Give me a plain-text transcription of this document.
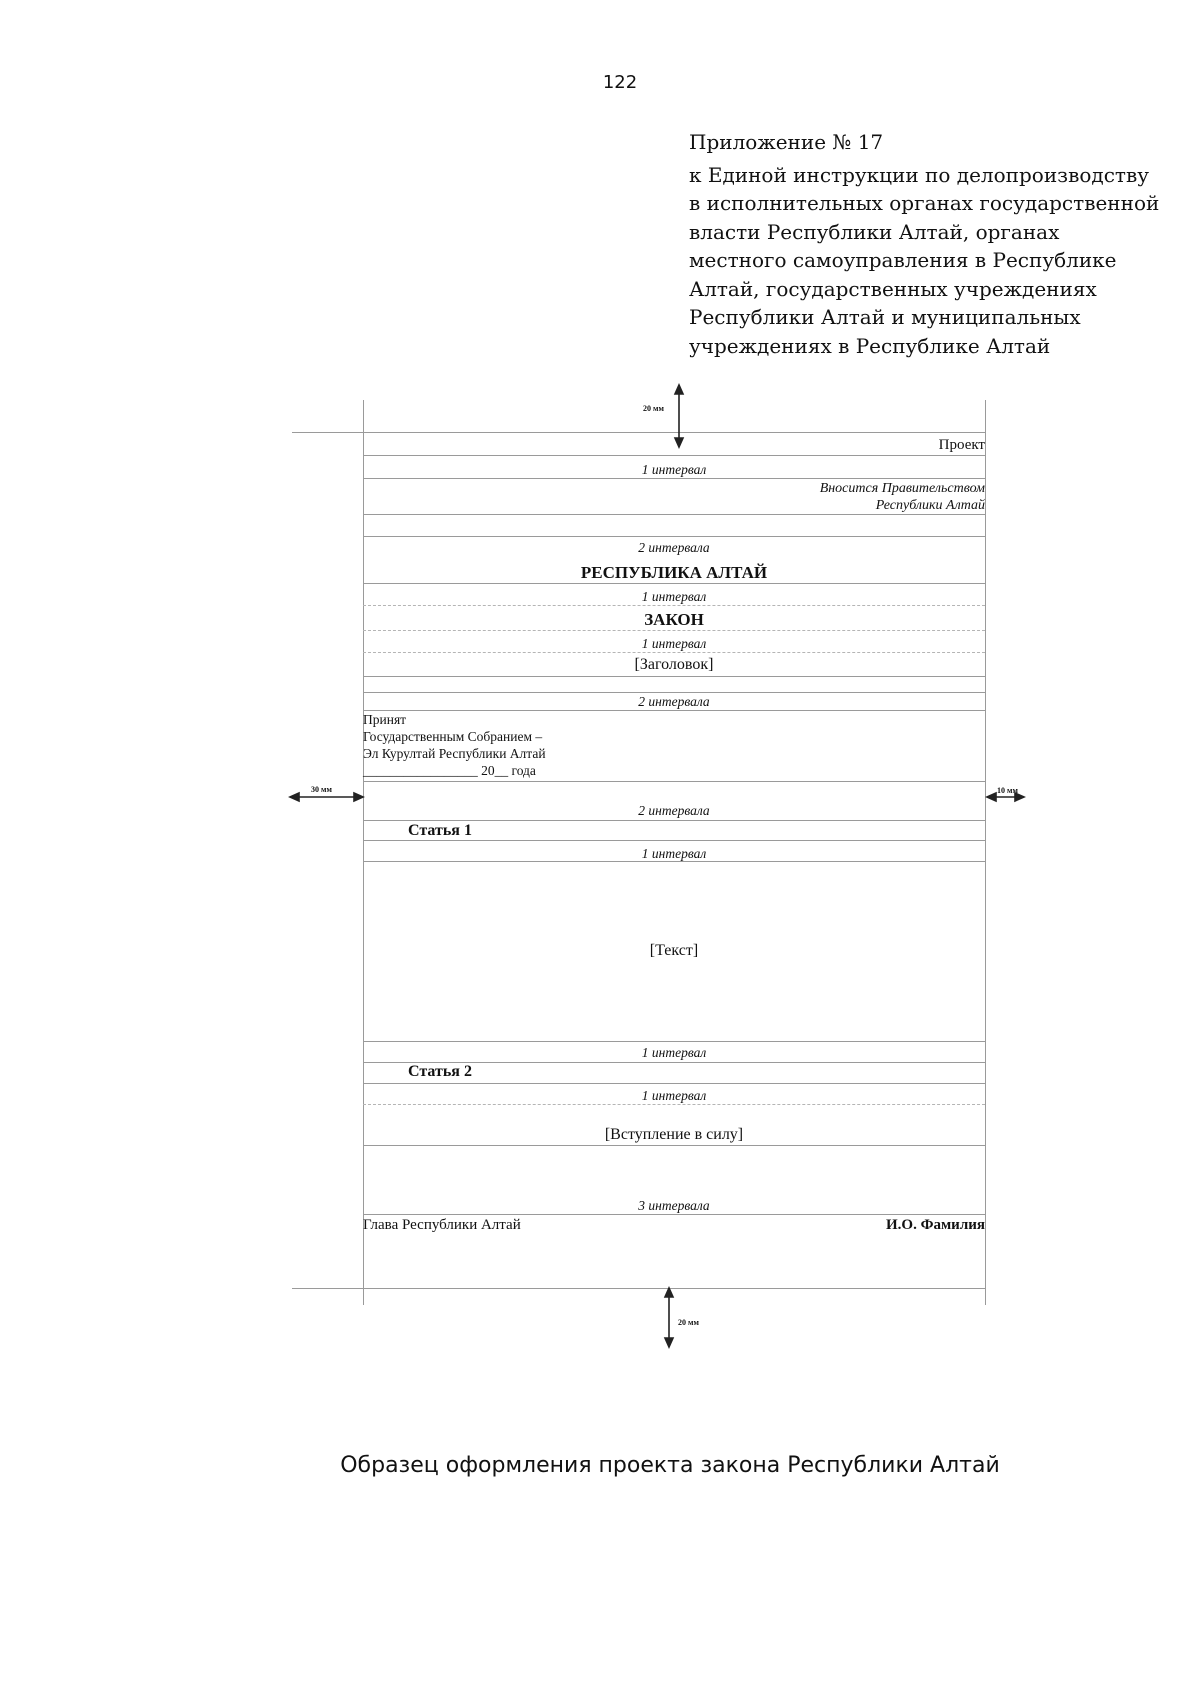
122
Приложение № 17
к Единой инструкции по делопроизводству
в исполнительных органах государственной
власти Республики Алтай, органах
местного самоуправления в Республике
Алтай, государственных учреждениях
Республики Алтай и муниципальных
учреждениях в Республике Алтай
Проект
1 интервал
Вносится Правительством
Республики Алтай
2 интервала
РЕСПУБЛИКА АЛТАЙ
1 интервал
ЗАКОН
1 интервал
[Заголовок]
2 интервала
Принят
Государственным Собранием –
Эл Курултай Республики Алтай
_________________ 20__ года
2 интервала
Статья 1
1 интервал
[Текст]
1 интервал
Статья 2
1 интервал
[Вступление в силу]
3 интервала
Глава Республики Алтай	И.О. Фамилия
20 мм
30 мм	10 мм
20 мм
Образец оформления проекта закона Республики Алтай
